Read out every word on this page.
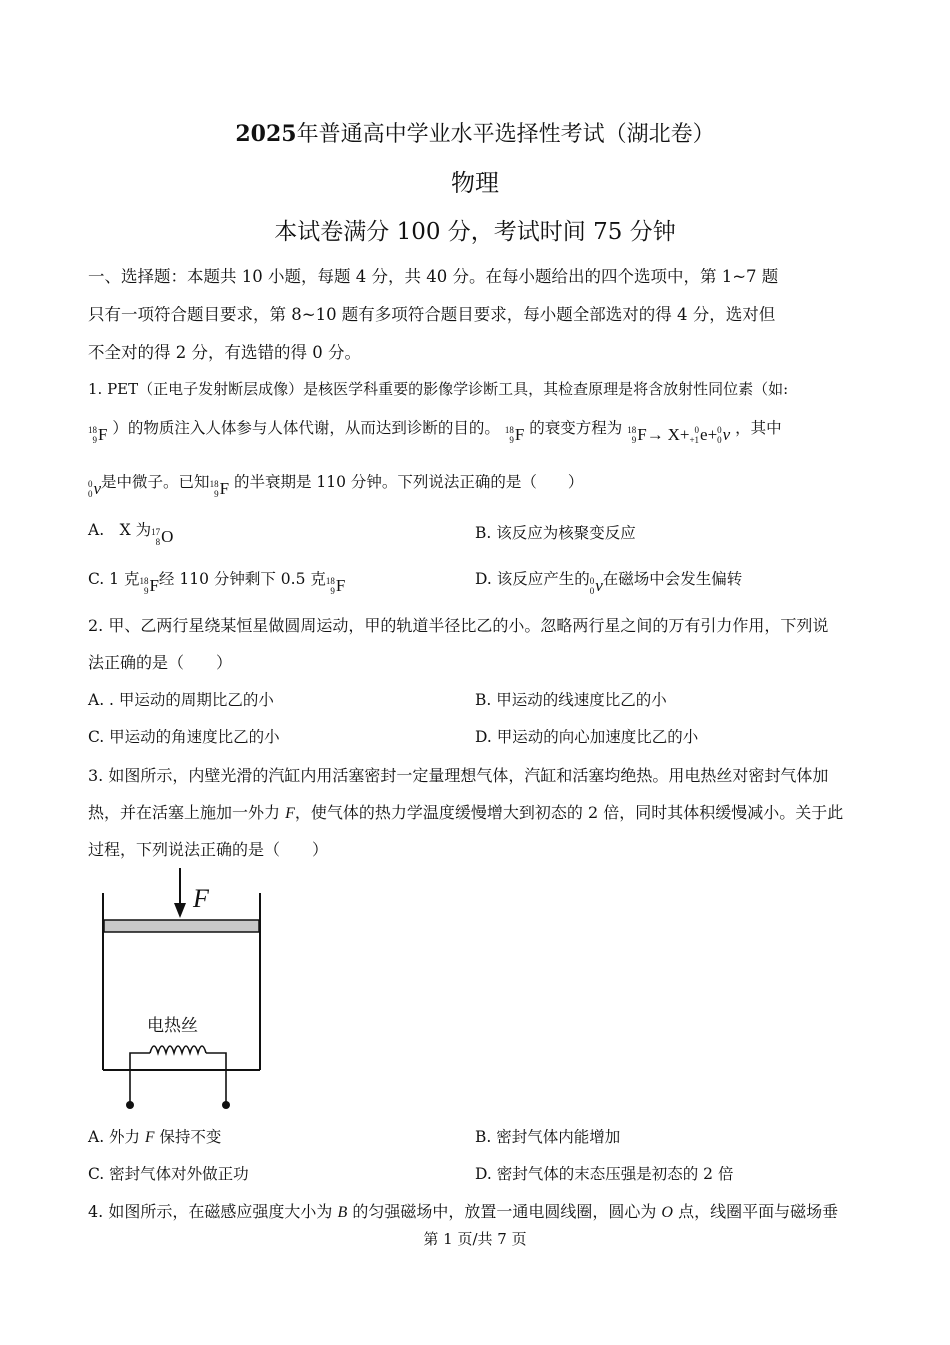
2025年普通高中学业水平选择性考试（湖北卷）
物理
本试卷满分 100 分，考试时间 75 分钟
一、选择题：本题共 10 小题，每题 4 分，共 40 分。在每小题给出的四个选项中，第 1~7 题
只有一项符合题目要求，第 8~10 题有多项符合题目要求，每小题全部选对的得 4 分，选对但
不全对的得 2 分，有选错的得 0 分。
1. PET（正电子发射断层成像）是核医学科重要的影像学诊断工具，其检查原理是将含放射性同位素（如:
18
9 F ）的物质注入人体参与人体代谢，从而达到诊断的目的。 18
9 F 的衰变方程为 18
9 F →
X + 0
+1 e + 0
0 ν ，其中
0
0 ν 是中微子。已知 18
9 F 的半衰期是 110 分钟。下列说法正确的是（　　）
A.　X 为 17
8 O	B. 该反应为核聚变反应
C. 1 克 18
9 F 经 110 分钟剩下 0.5 克 18
9 F	D. 该反应产生的 0
0 ν 在磁场中会发生偏转
2. 甲、乙两行星绕某恒星做圆周运动，甲的轨道半径比乙的小。忽略两行星之间的万有引力作用，下列说
法正确的是（　　）
A. . 甲运动的周期比乙的小	B. 甲运动的线速度比乙的小
C. 甲运动的角速度比乙的小	D. 甲运动的向心加速度比乙的小
3. 如图所示，内壁光滑的汽缸内用活塞密封一定量理想气体，汽缸和活塞均绝热。用电热丝对密封气体加
热，并在活塞上施加一外力 F，使气体的热力学温度缓慢增大到初态的 2 倍，同时其体积缓慢减小。关于此
过程，下列说法正确的是（　　）
F
电热丝
A. 外力 F 保持不变	B. 密封气体内能增加
C. 密封气体对外做正功	D. 密封气体的末态压强是初态的 2 倍
4. 如图所示，在磁感应强度大小为 B 的匀强磁场中，放置一通电圆线圈，圆心为 O 点，线圈平面与磁场垂
第 1 页/共 7 页
